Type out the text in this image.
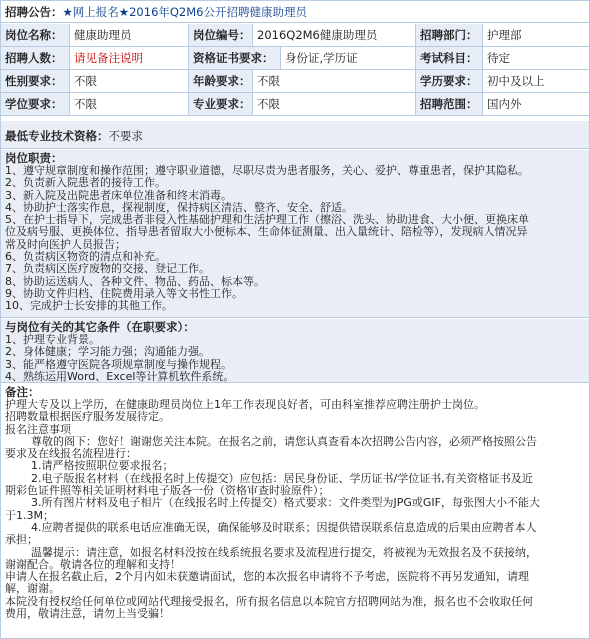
招聘公告：★网上报名★2016年Q2M6公开招聘健康助理员
岗位名称：	健康助理员	岗位编号： 2016Q2M6健康助理员	招聘部门： 护理部
招聘人数：	请见备注说明	资格证书要求：	身份证,学历证	考试科目： 待定
性别要求：	不限	年龄要求： 不限	学历要求： 初中及以上
学位要求：	不限	专业要求： 不限	招聘范围： 国内外
最低专业技术资格：不要求
岗位职责：
1、遵守规章制度和操作范围；遵守职业道德，尽职尽责为患者服务，关心、爱护、尊重患者，保护其隐私。
2、负责新入院患者的接待工作。
3、新入院及出院患者床单位准备和终末消毒。
4、协助护士落实作息，探视制度，保持病区清洁、整齐、安全、舒适。
5、在护士指导下，完成患者非侵入性基础护理和生活护理工作（擦浴、洗头、协助进食、大小便、更换床单
位及病号服、更换体位、指导患者留取大小便标本、生命体征测量、出入量统计、陪检等），发现病人情况异
常及时向医护人员报告；
6、负责病区物资的清点和补充。
7、负责病区医疗废物的交接、登记工作。
8、协助运送病人、各种文件、物品、药品、标本等。
9、协助文件归档、住院费用录入等文书性工作。
10、完成护士长安排的其他工作。
与岗位有关的其它条件（在职要求）：
1、护理专业背景。
2、身体健康；学习能力强；沟通能力强。
3、能严格遵守医院各项规章制度与操作规程。
4、熟练运用Word、Excel等计算机软件系统。
备注：
护理大专及以上学历，在健康助理员岗位上1年工作表现良好者，可由科室推荐应聘注册护士岗位。
招聘数量根据医疗服务发展待定。
报名注意事项
尊敬的阁下：您好！谢谢您关注本院。在报名之前，请您认真查看本次招聘公告内容，必须严格按照公告
要求及在线报名流程进行：
1.请严格按照职位要求报名；
2.电子版报名材料（在线报名时上传提交）应包括：居民身份证、学历证书/学位证书,有关资格证书及近
期彩色证件照等相关证明材料电子版各一份（资格审查时验原件）；
3.所有图片材料及电子相片（在线报名时上传提交）格式要求：文件类型为JPG或GIF，每张图大小不能大
于1.3M；
4.应聘者提供的联系电话应准确无误，确保能够及时联系；因提供错误联系信息造成的后果由应聘者本人
承担；
温馨提示：请注意，如报名材料没按在线系统报名要求及流程进行提交，将被视为无效报名及不获接纳，
谢谢配合。敬请各位的理解和支持！
申请人在报名截止后，2个月内如未获邀请面试，您的本次报名申请将不予考虑，医院将不再另发通知，请理
解，谢谢。
本院没有授权给任何单位或网站代理接受报名，所有报名信息以本院官方招聘网站为准，报名也不会收取任何
费用，敬请注意，请勿上当受骗！
